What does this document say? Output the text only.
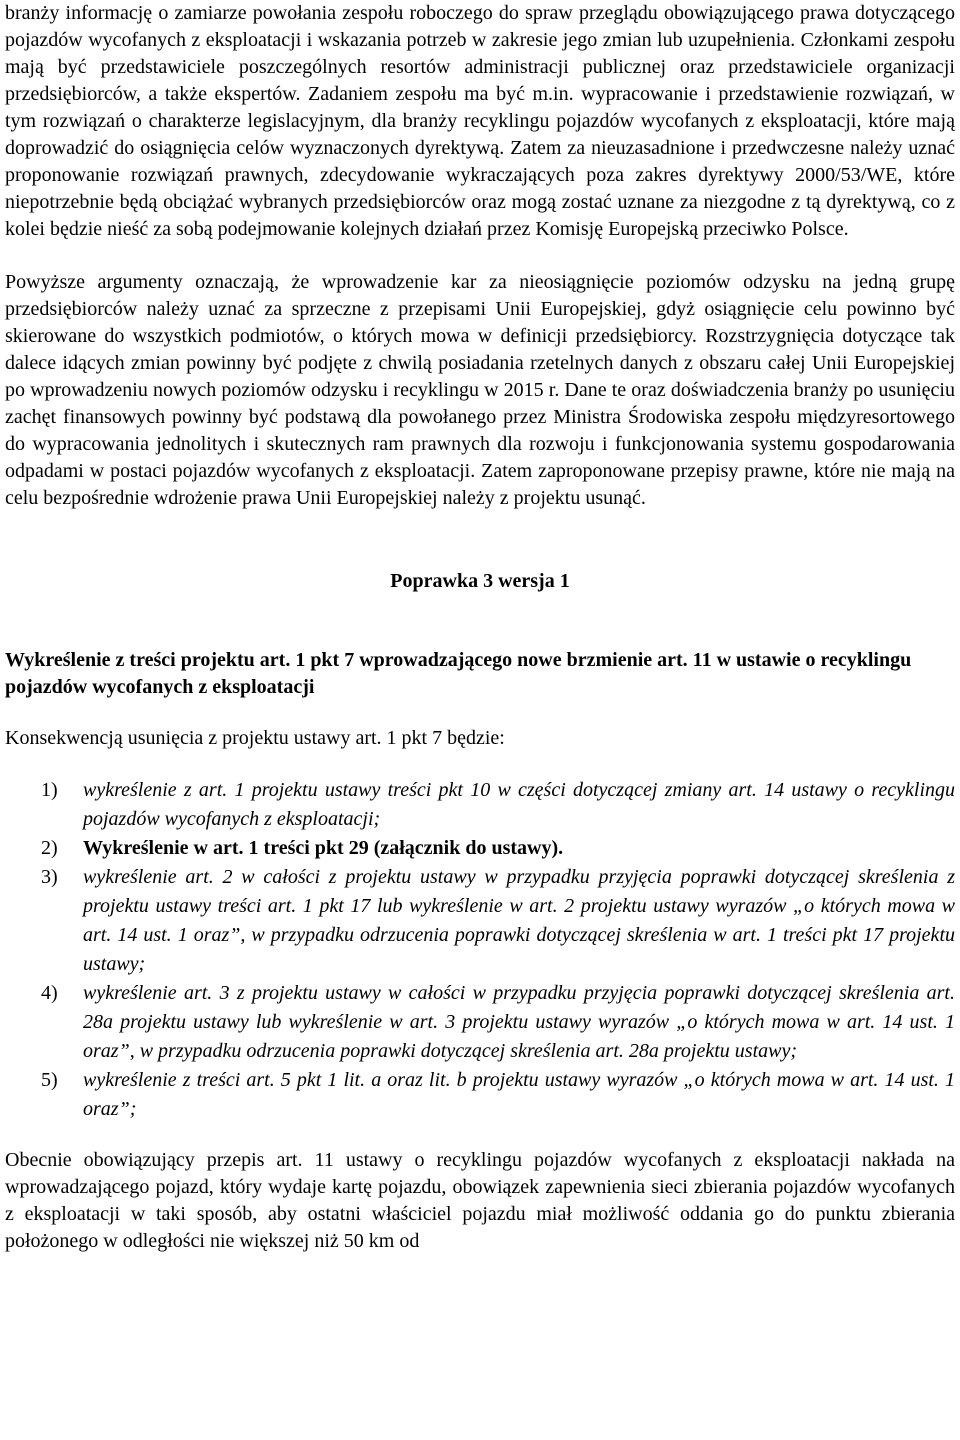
branży informację o zamiarze powołania zespołu roboczego do spraw przeglądu obowiązującego prawa dotyczącego pojazdów wycofanych z eksploatacji i wskazania potrzeb w zakresie jego zmian lub uzupełnienia. Członkami zespołu mają być przedstawiciele poszczególnych resortów administracji publicznej oraz przedstawiciele organizacji przedsiębiorców, a także ekspertów. Zadaniem zespołu ma być m.in. wypracowanie i przedstawienie rozwiązań, w tym rozwiązań o charakterze legislacyjnym, dla branży recyklingu pojazdów wycofanych z eksploatacji, które mają doprowadzić do osiągnięcia celów wyznaczonych dyrektywą. Zatem za nieuzasadnione i przedwczesne należy uznać proponowanie rozwiązań prawnych, zdecydowanie wykraczających poza zakres dyrektywy 2000/53/WE, które niepotrzebnie będą obciążać wybranych przedsiębiorców oraz mogą zostać uznane za niezgodne z tą dyrektywą, co z kolei będzie nieść za sobą podejmowanie kolejnych działań przez Komisję Europejską przeciwko Polsce.

Powyższe argumenty oznaczają, że wprowadzenie kar za nieosiągnięcie poziomów odzysku na jedną grupę przedsiębiorców należy uznać za sprzeczne z przepisami Unii Europejskiej, gdyż osiągnięcie celu powinno być skierowane do wszystkich podmiotów, o których mowa w definicji przedsiębiorcy. Rozstrzygnięcia dotyczące tak dalece idących zmian powinny być podjęte z chwilą posiadania rzetelnych danych z obszaru całej Unii Europejskiej po wprowadzeniu nowych poziomów odzysku i recyklingu w 2015 r. Dane te oraz doświadczenia branży po usunięciu zachęt finansowych powinny być podstawą dla powołanego przez Ministra Środowiska zespołu międzyresortowego do wypracowania jednolitych i skutecznych ram prawnych dla rozwoju i funkcjonowania systemu gospodarowania odpadami w postaci pojazdów wycofanych z eksploatacji. Zatem zaproponowane przepisy prawne, które nie mają na celu bezpośrednie wdrożenie prawa Unii Europejskiej należy z projektu usunąć.

Poprawka 3 wersja 1

Wykreślenie z treści projektu art. 1 pkt 7 wprowadzającego nowe brzmienie art. 11 w ustawie o recyklingu pojazdów wycofanych z eksploatacji

Konsekwencją usunięcia z projektu ustawy art. 1 pkt 7 będzie:

1) wykreślenie z art. 1 projektu ustawy treści pkt 10 w części dotyczącej zmiany art. 14 ustawy o recyklingu pojazdów wycofanych z eksploatacji;
2) Wykreślenie w art. 1 treści pkt 29 (załącznik do ustawy).
3) wykreślenie art. 2 w całości z projektu ustawy w przypadku przyjęcia poprawki dotyczącej skreślenia z projektu ustawy treści art. 1 pkt 17 lub wykreślenie w art. 2 projektu ustawy wyrazów „o których mowa w art. 14 ust. 1 oraz”, w przypadku odrzucenia poprawki dotyczącej skreślenia w art. 1 treści pkt 17 projektu ustawy;
4) wykreślenie art. 3 z projektu ustawy w całości w przypadku przyjęcia poprawki dotyczącej skreślenia art. 28a projektu ustawy lub wykreślenie w art. 3 projektu ustawy wyrazów „o których mowa w art. 14 ust. 1 oraz”, w przypadku odrzucenia poprawki dotyczącej skreślenia art. 28a projektu ustawy;
5) wykreślenie z treści art. 5 pkt 1 lit. a oraz lit. b projektu ustawy wyrazów „o których mowa w art. 14 ust. 1 oraz”;

Obecnie obowiązujący przepis art. 11 ustawy o recyklingu pojazdów wycofanych z eksploatacji nakłada na wprowadzającego pojazd, który wydaje kartę pojazdu, obowiązek zapewnienia sieci zbierania pojazdów wycofanych z eksploatacji w taki sposób, aby ostatni właściciel pojazdu miał możliwość oddania go do punktu zbierania położonego w odległości nie większej niż 50 km od
